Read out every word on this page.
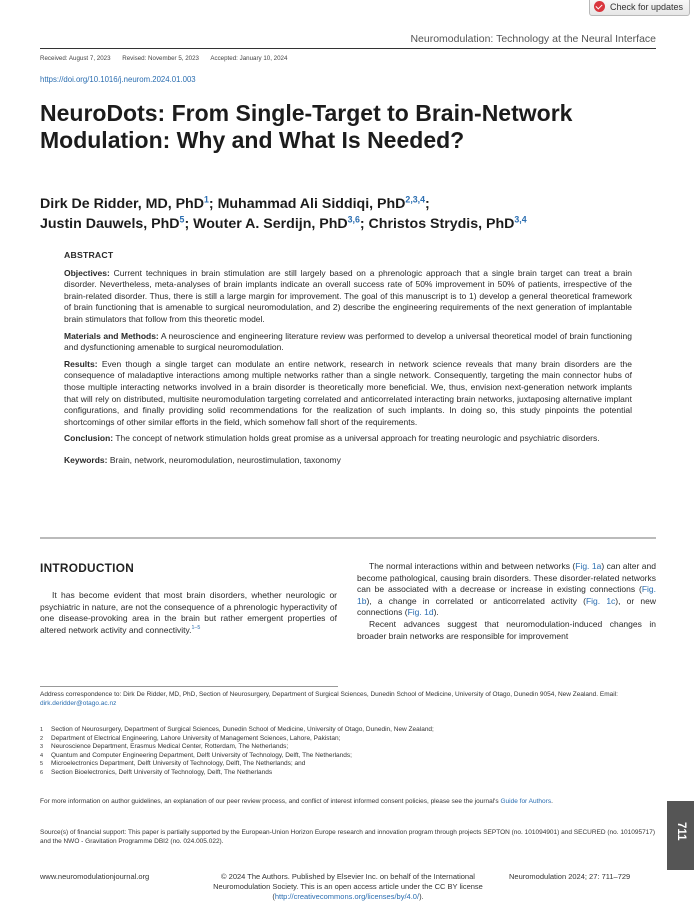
Check for updates
Neuromodulation: Technology at the Neural Interface
Received: August 7, 2023 Revised: November 5, 2023 Accepted: January 10, 2024
https://doi.org/10.1016/j.neurom.2024.01.003
NeuroDots: From Single-Target to Brain-Network Modulation: Why and What Is Needed?
Dirk De Ridder, MD, PhD$^1$; Muhammad Ali Siddiqi, PhD$^{2,3,4}$;
Justin Dauwels, PhD$^5$; Wouter A. Serdijn, PhD$^{3,6}$; Christos Strydis, PhD$^{3,4}$
ABSTRACT

Objectives: Current techniques in brain stimulation are still largely based on a phrenologic approach that a single brain target can treat a brain disorder. Nevertheless, meta-analyses of brain implants indicate an overall success rate of 50% improvement in 50% of patients, irrespective of the brain-related disorder. Thus, there is still a large margin for improvement. The goal of this manuscript is to 1) develop a general theoretical framework of brain functioning that is amenable to surgical neuromodulation, and 2) describe the engineering requirements of the next generation of implantable brain stimulators that follow from this theoretic model.

Materials and Methods: A neuroscience and engineering literature review was performed to develop a universal theoretical model of brain functioning and dysfunctioning amenable to surgical neuromodulation.

Results: Even though a single target can modulate an entire network, research in network science reveals that many brain disorders are the consequence of maladaptive interactions among multiple networks rather than a single network. Consequently, targeting the main connector hubs of those multiple interacting networks involved in a brain disorder is theoretically more beneficial. We, thus, envision next-generation network implants that will rely on distributed, multisite neuromodulation targeting correlated and anticorrelated interacting brain networks, juxtaposing alternative implant configurations, and finally providing solid recommendations for the realization of such implants. In doing so, this study pinpoints the potential shortcomings of other similar efforts in the field, which somehow fall short of the requirements.

Conclusion: The concept of network stimulation holds great promise as a universal approach for treating neurologic and psychiatric disorders.

Keywords: Brain, network, neuromodulation, neurostimulation, taxonomy

INTRODUCTION

It has become evident that most brain disorders, whether neurologic or psychiatric in nature, are not the consequence of a phrenologic hyperactivity of one disease-provoking area in the brain but rather emergent properties of altered network activity and connectivity.$^{1-5}$

The normal interactions within and between networks (Fig. 1a) can alter and become pathological, causing brain disorders. These disorder-related networks can be associated with a decrease or increase in existing connections (Fig. 1b), a change in correlated or anticorrelated activity (Fig. 1c), or new connections (Fig. 1d).

Recent advances suggest that neuromodulation-induced changes in broader brain networks are responsible for improvement

Address correspondence to: Dirk De Ridder, MD, PhD, Section of Neurosurgery, Department of Surgical Sciences, Dunedin School of Medicine, University of Otago, Dunedin 9054, New Zealand. Email: dirk.deridder@otago.ac.nz
1 Section of Neurosurgery, Department of Surgical Sciences, Dunedin School of Medicine, University of Otago, Dunedin, New Zealand;
2 Department of Electrical Engineering, Lahore University of Management Sciences, Lahore, Pakistan;
3 Neuroscience Department, Erasmus Medical Center, Rotterdam, The Netherlands;
4 Quantum and Computer Engineering Department, Delft University of Technology, Delft, The Netherlands;
5 Microelectronics Department, Delft University of Technology, Delft, The Netherlands; and
6 Section Bioelectronics, Delft University of Technology, Delft, The Netherlands
For more information on author guidelines, an explanation of our peer review process, and conflict of interest informed consent policies, please see the journal's Guide for Authors.
Source(s) of financial support: This paper is partially supported by the European-Union Horizon Europe research and innovation program through projects SEPTON (no. 101094901) and SECURED (no. 101095717) and the NWO - Gravitation Programme DBI2 (no. 024.005.022).
www.neuromodulationjournal.org	© 2024 The Authors. Published by Elsevier Inc. on behalf of the International Neuromodulation Society. This is an open access article under the CC BY license (http://creativecommons.org/licenses/by/4.0/).
Neuromodulation 2024; 27: 711–729
711
